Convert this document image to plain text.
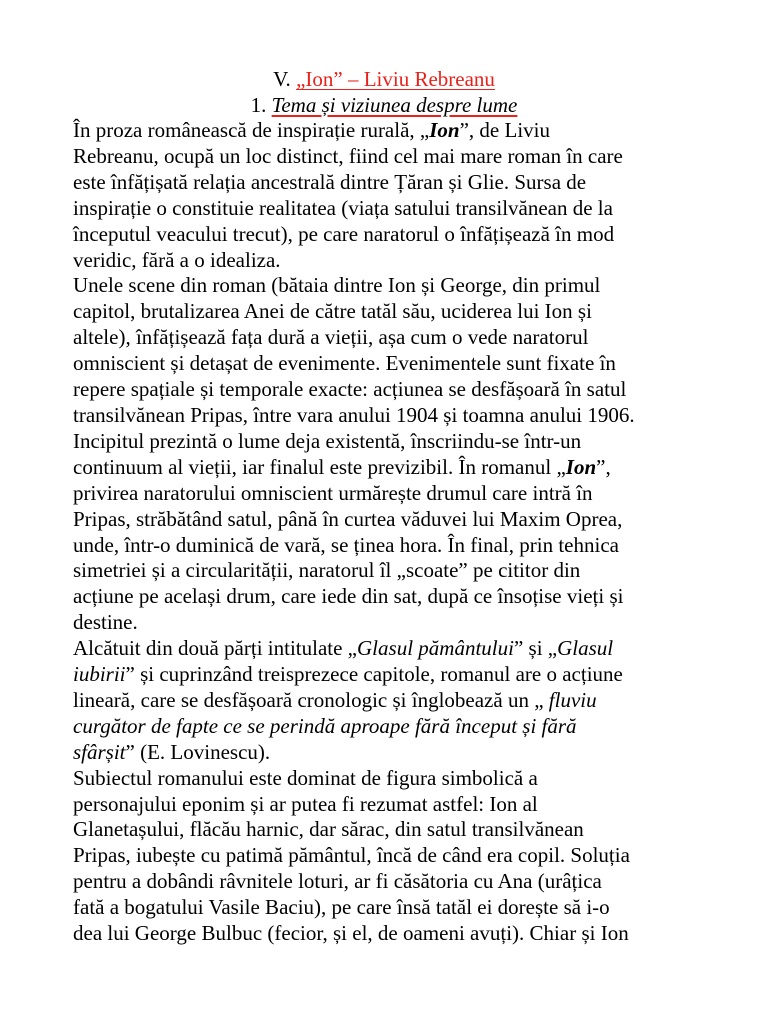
V. „Ion” – Liviu Rebreanu
1. Tema și viziunea despre lume
În proza românească de inspirație rurală, „Ion”, de Liviu
Rebreanu, ocupă un loc distinct, fiind cel mai mare roman în care
este înfățișată relația ancestrală dintre Țăran și Glie. Sursa de
inspirație o constituie realitatea (viața satului transilvănean de la
începutul veacului trecut), pe care naratorul o înfățișează în mod
veridic, fără a o idealiza.
Unele scene din roman (bătaia dintre Ion și George, din primul
capitol, brutalizarea Anei de către tatăl său, uciderea lui Ion și
altele), înfățișează fața dură a vieții, așa cum o vede naratorul
omniscient și detașat de evenimente. Evenimentele sunt fixate în
repere spațiale și temporale exacte: acțiunea se desfășoară în satul
transilvănean Pripas, între vara anului 1904 și toamna anului 1906.
Incipitul prezintă o lume deja existentă, înscriindu-se într-un
continuum al vieții, iar finalul este previzibil. În romanul „Ion”,
privirea naratorului omniscient urmărește drumul care intră în
Pripas, străbătând satul, până în curtea văduvei lui Maxim Oprea,
unde, într-o duminică de vară, se ținea hora. În final, prin tehnica
simetriei și a circularității, naratorul îl „scoate” pe cititor din
acțiune pe același drum, care iede din sat, după ce însoțise vieți și
destine.
Alcătuit din două părți intitulate „Glasul pământului” și „Glasul
iubirii” și cuprinzând treisprezece capitole, romanul are o acțiune
lineară, care se desfășoară cronologic și înglobează un „ fluviu
curgător de fapte ce se perindă aproape fără început și fără
sfârșit” (E. Lovinescu).
Subiectul romanului este dominat de figura simbolică a
personajului eponim și ar putea fi rezumat astfel: Ion al
Glanetașului, flăcău harnic, dar sărac, din satul transilvănean
Pripas, iubește cu patimă pământul, încă de când era copil. Soluția
pentru a dobândi râvnitele loturi, ar fi căsătoria cu Ana (urâțica
fată a bogatului Vasile Baciu), pe care însă tatăl ei dorește să i-o
dea lui George Bulbuc (fecior, și el, de oameni avuți). Chiar și Ion
